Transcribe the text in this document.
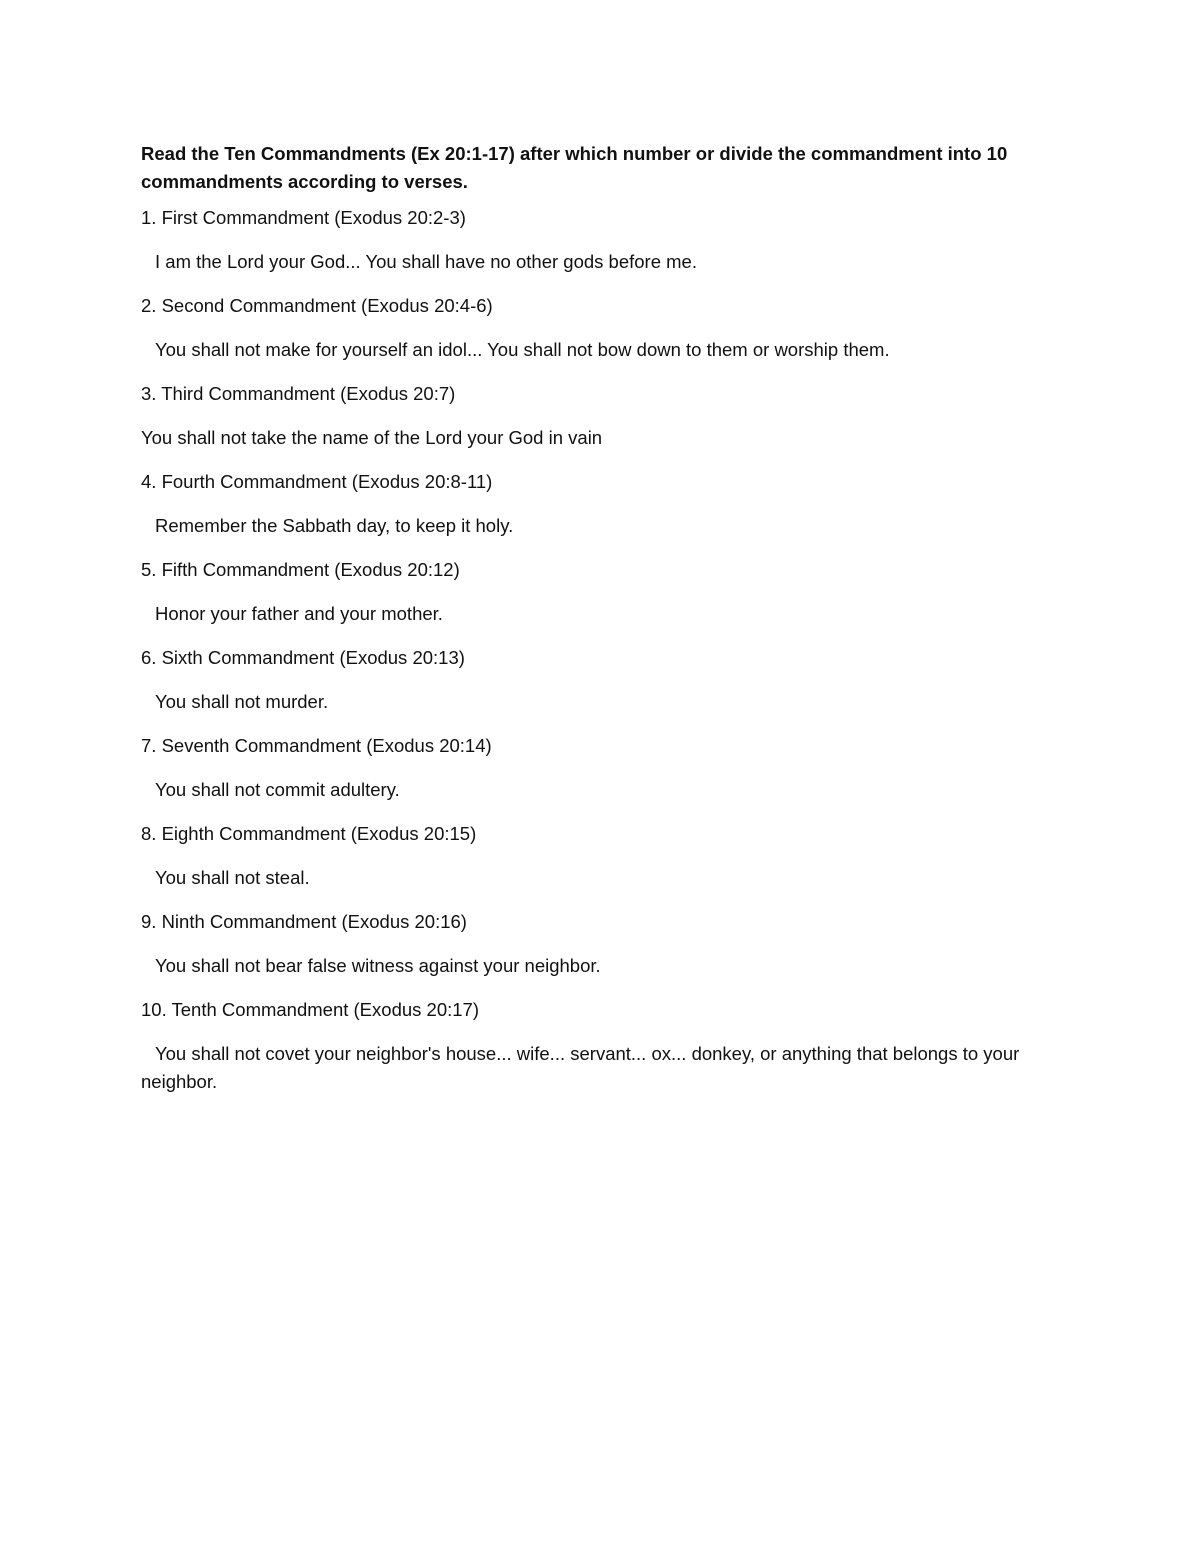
Read the Ten Commandments (Ex 20:1-17) after which number or divide the commandment into 10 commandments according to verses.

1. First Commandment (Exodus 20:2-3)

I am the Lord your God... You shall have no other gods before me.

2. Second Commandment (Exodus 20:4-6)

You shall not make for yourself an idol... You shall not bow down to them or worship them.

3. Third Commandment (Exodus 20:7)

You shall not take the name of the Lord your God in vain

4. Fourth Commandment (Exodus 20:8-11)

Remember the Sabbath day, to keep it holy.

5. Fifth Commandment (Exodus 20:12)

Honor your father and your mother.

6. Sixth Commandment (Exodus 20:13)

You shall not murder.

7. Seventh Commandment (Exodus 20:14)

You shall not commit adultery.

8. Eighth Commandment (Exodus 20:15)

You shall not steal.

9. Ninth Commandment (Exodus 20:16)

You shall not bear false witness against your neighbor.

10. Tenth Commandment (Exodus 20:17)

You shall not covet your neighbor's house... wife... servant... ox... donkey, or anything that belongs to your neighbor.
